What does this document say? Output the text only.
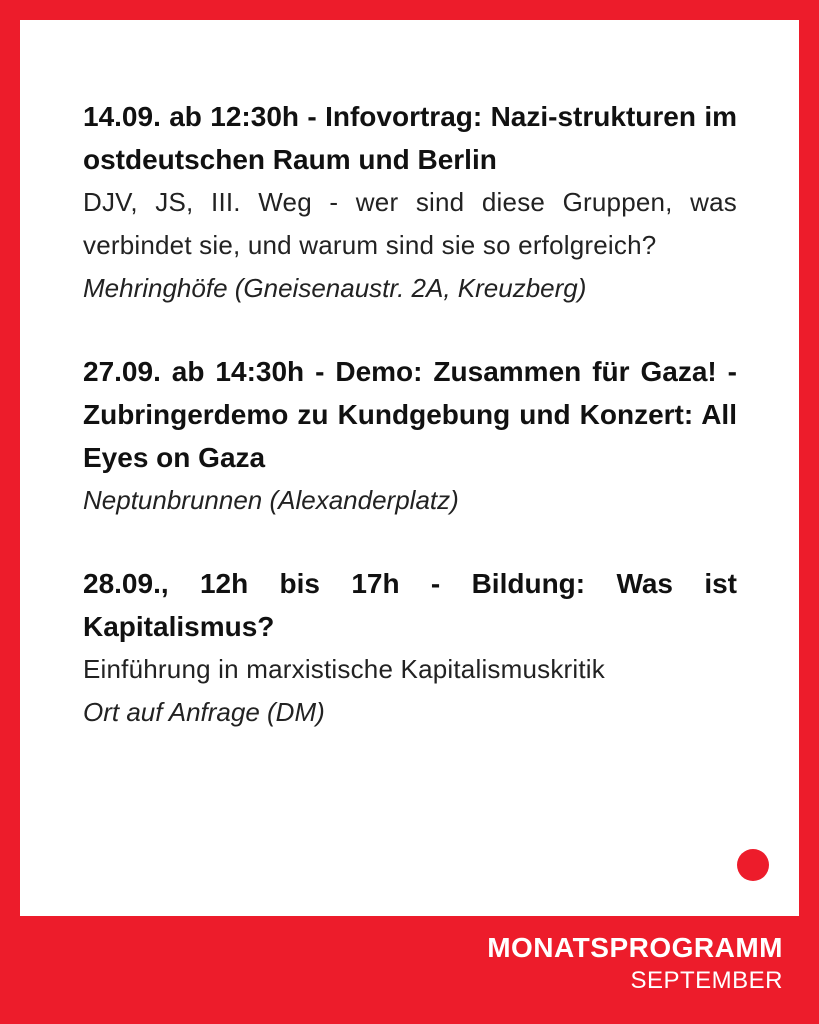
14.09. ab 12:30h - Infovortrag: Nazi-strukturen im ostdeutschen Raum und Berlin

DJV, JS, III. Weg - wer sind diese Gruppen, was verbindet sie, und warum sind sie so erfolgreich?

Mehringhöfe (Gneisenaustr. 2A, Kreuzberg)

27.09. ab 14:30h - Demo: Zusammen für Gaza! - Zubringerdemo zu Kundgebung und Konzert: All Eyes on Gaza

Neptunbrunnen (Alexanderplatz)

28.09., 12h bis 17h - Bildung: Was ist Kapitalismus?

Einführung in marxistische Kapitalismuskritik

Ort auf Anfrage (DM)

MONATSPROGRAMM
SEPTEMBER
